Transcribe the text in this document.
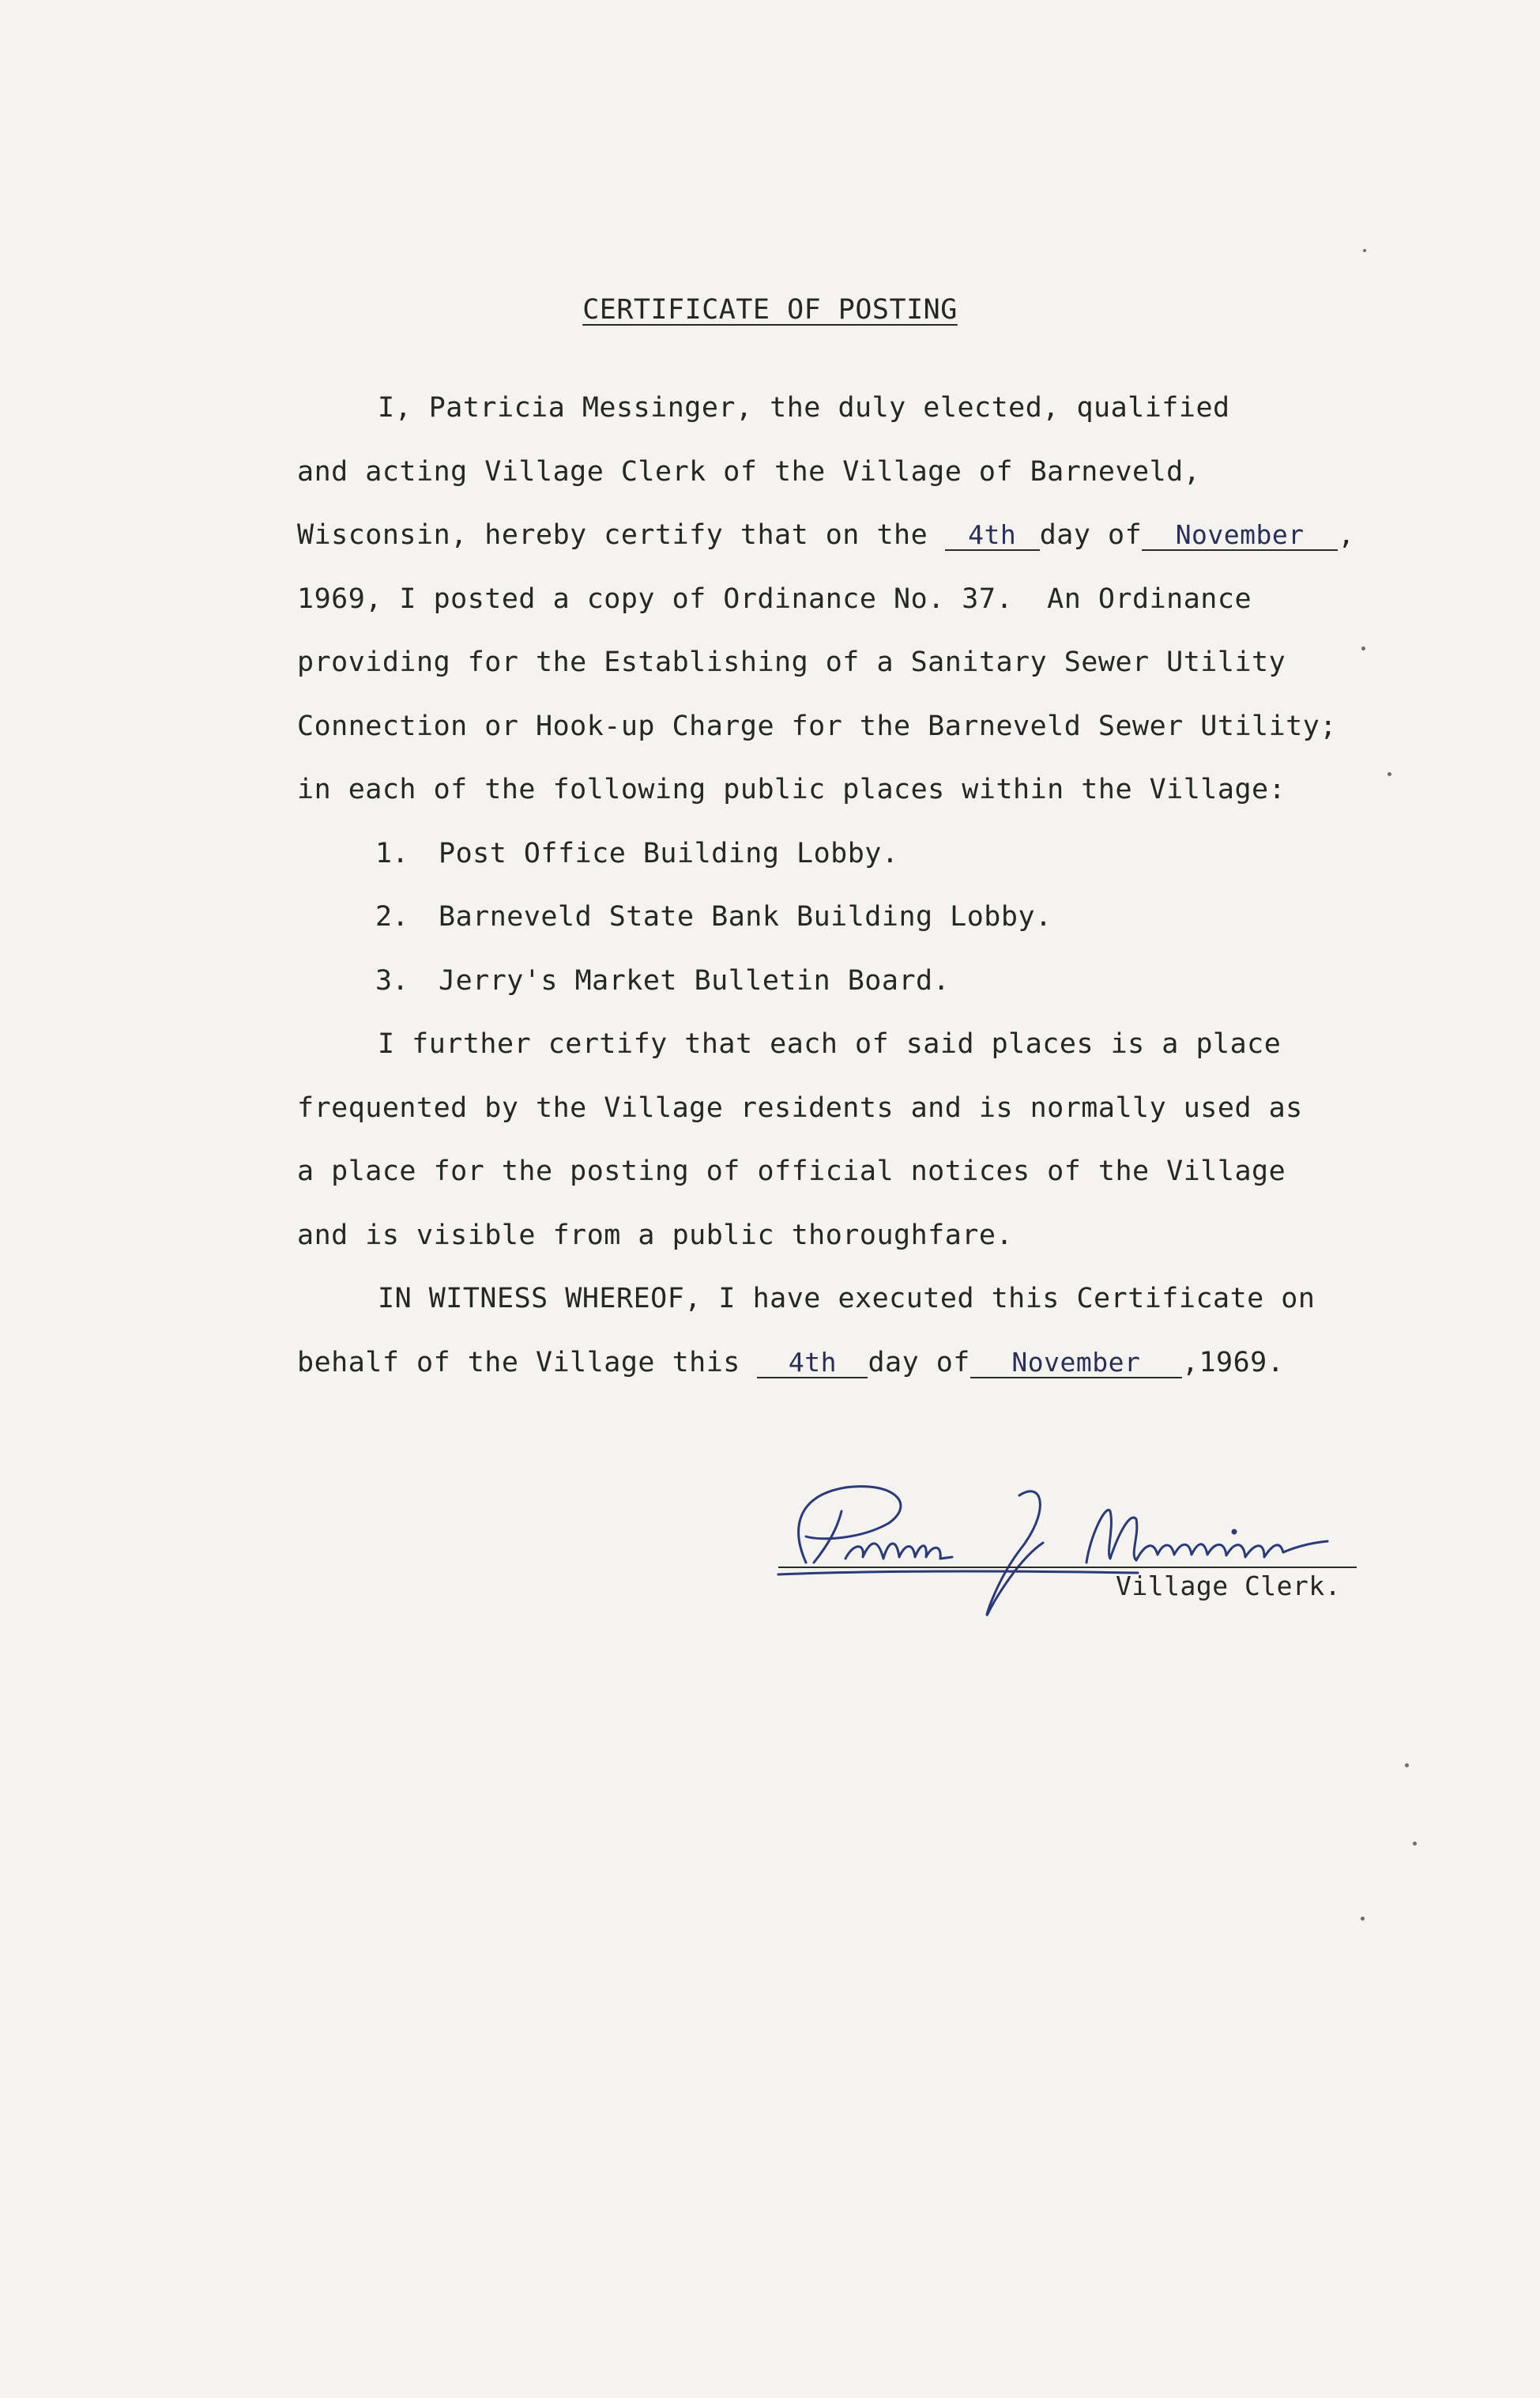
CERTIFICATE OF POSTING
I, Patricia Messinger, the duly elected, qualified
and acting Village Clerk of the Village of Barneveld,
Wisconsin, hereby certify that on the 4th day of November ,
1969, I posted a copy of Ordinance No. 37.  An Ordinance
providing for the Establishing of a Sanitary Sewer Utility
Connection or Hook-up Charge for the Barneveld Sewer Utility;
in each of the following public places within the Village:
1. Post Office Building Lobby.
2. Barneveld State Bank Building Lobby.
3. Jerry's Market Bulletin Board.
I further certify that each of said places is a place
frequented by the Village residents and is normally used as
a place for the posting of official notices of the Village
and is visible from a public thoroughfare.
IN WITNESS WHEREOF, I have executed this Certificate on
behalf of the Village this 4th day of November ,1969.
Village Clerk.
